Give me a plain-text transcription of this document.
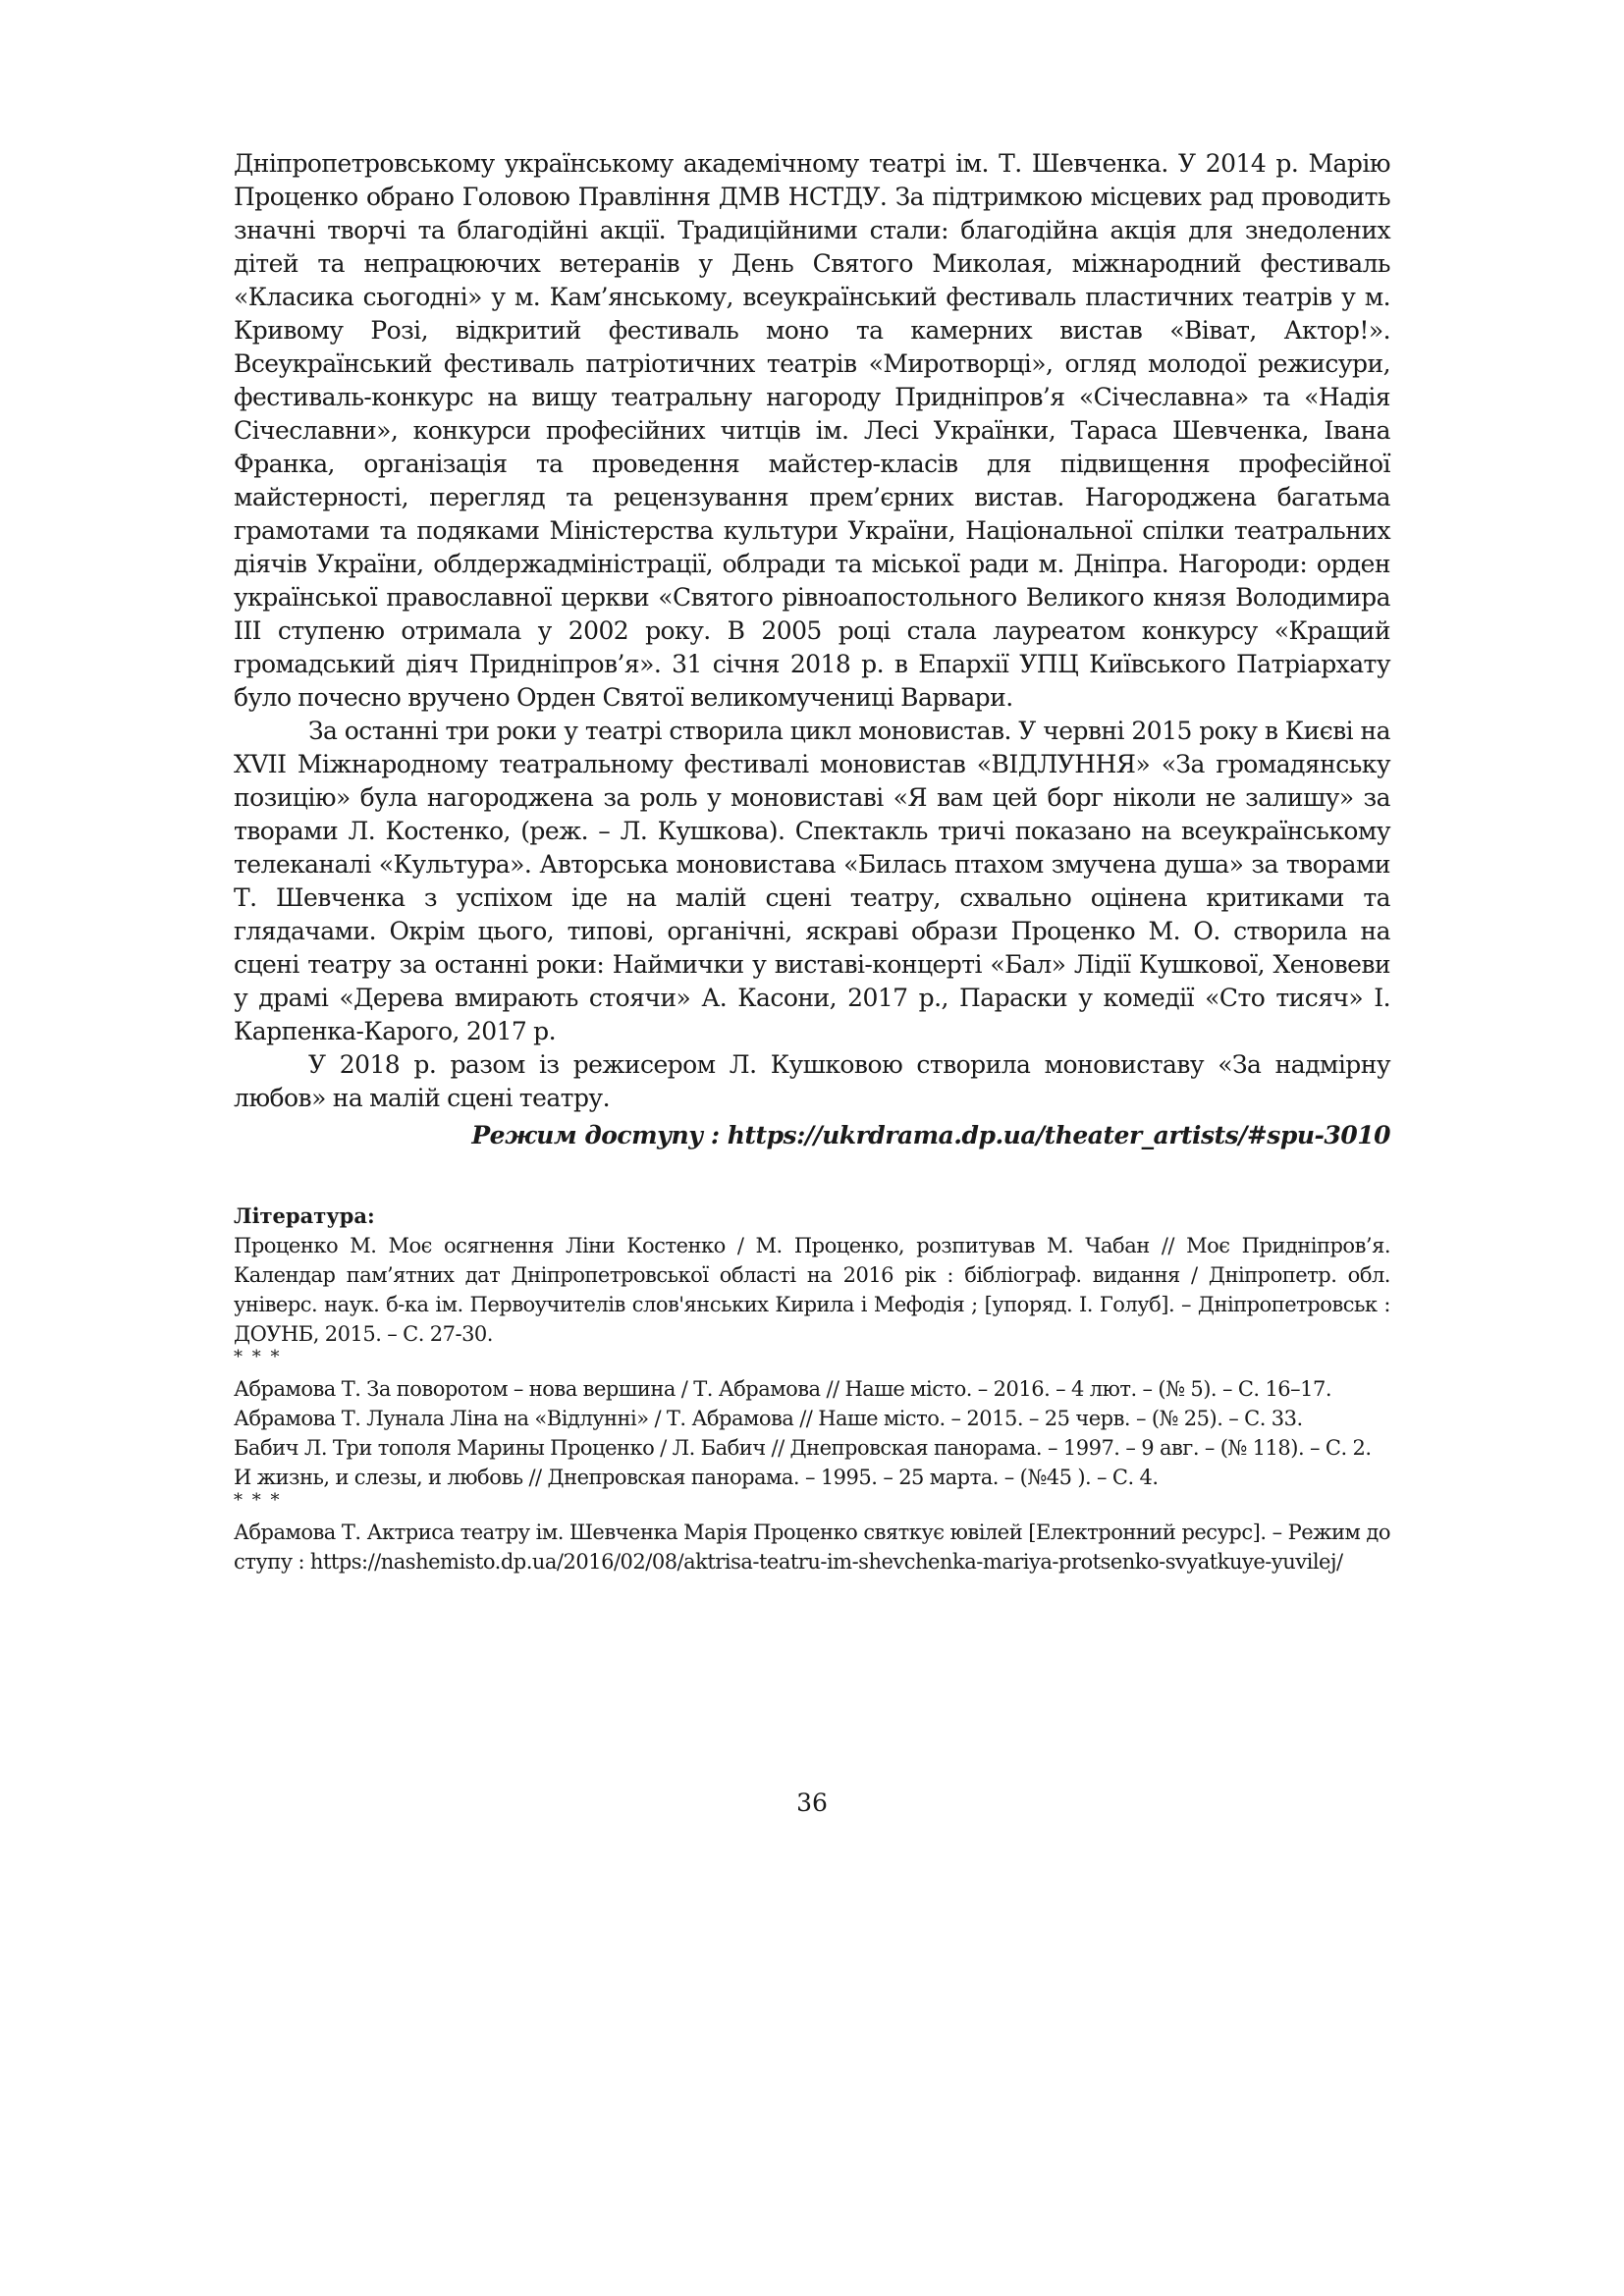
Дніпропетровському українському академічному театрі ім. Т. Шевченка. У 2014 р. Марію Проценко обрано Головою Правління ДМВ НСТДУ. За підтримкою місцевих рад проводить значні творчі та благодійні акції. Традиційними стали: благодійна акція для знедолених дітей та непрацюючих ветеранів у День Святого Миколая, міжнародний фестиваль «Класика сьогодні» у м. Кам’янському, всеукраїнський фестиваль пластичних театрів у м. Кривому Розі, відкритий фестиваль моно та камерних вистав «Віват, Актор!». Всеукраїнський фестиваль патріотичних театрів «Миротворці», огляд молодої режисури, фестиваль-конкурс на вищу театральну нагороду Придніпров’я «Січеславна» та «Надія Січеславни», конкурси професійних читців ім. Лесі Українки, Тараса Шевченка, Івана Франка, організація та проведення майстер-класів для підвищення професійної майстерності, перегляд та рецензування прем’єрних вистав. Нагороджена багатьма грамотами та подяками Міністерства культури України, Національної спілки театральних діячів України, облдержадміністрації, облради та міської ради м. Дніпра. Нагороди: орден української православної церкви «Святого рівноапостольного Великого князя Володимира ІІІ ступеню отримала у 2002 року. В 2005 році стала лауреатом конкурсу «Кращий громадський діяч Придніпров’я». 31 січня 2018 р. в Епархії УПЦ Київського Патріархату було почесно вручено Орден Святої великомучениці Варвари.

За останні три роки у театрі створила цикл моновистав. У червні 2015 року в Києві на XVII Міжнародному театральному фестивалі моновистав «ВІДЛУННЯ» «За громадянську позицію» була нагороджена за роль у моновиставі «Я вам цей борг ніколи не залишу» за творами Л. Костенко, (реж. – Л. Кушкова). Спектакль тричі показано на всеукраїнському телеканалі «Культура». Авторська моновистава «Билась птахом змучена душа» за творами Т. Шевченка з успіхом іде на малій сцені театру, схвально оцінена критиками та глядачами. Окрім цього, типові, органічні, яскраві образи Проценко М. О. створила на сцені театру за останні роки: Наймички у виставі-концерті «Бал» Лідії Кушкової, Хеновеви у драмі «Дерева вмирають стоячи» А. Касони, 2017 р., Параски у комедії «Сто тисяч» І. Карпенка-Карого, 2017 р.

У 2018 р. разом із режисером Л. Кушковою створила моновиставу «За надмірну любов» на малій сцені театру.

Режим доступу : https://ukrdrama.dp.ua/theater_artists/#spu-3010

Література:

Проценко М. Моє осягнення Ліни Костенко / М. Проценко, розпитував М. Чабан // Моє Придніпров’я. Календар пам’ятних дат Дніпропетровської області на 2016 рік : бібліограф. видання / Дніпропетр. обл. універс. наук. б-ка ім. Первоучителів слов'янських Кирила і Мефодія ; [упоряд. І. Голуб]. – Дніпропетровськ : ДОУНБ, 2015. – С. 27-30.

* * *

Абрамова Т. За поворотом – нова вершина / Т. Абрамова // Наше місто. – 2016. – 4 лют. – (№ 5). – С. 16–17.

Абрамова Т. Лунала Ліна на «Відлунні» / Т. Абрамова // Наше місто. – 2015. – 25 черв. – (№ 25). – С. 33.

Бабич Л. Три тополя Марины Проценко / Л. Бабич // Днепровская панорама. – 1997. – 9 авг. – (№ 118). – С. 2.

И жизнь, и слезы, и любовь // Днепровская панорама. – 1995. – 25 марта. – (№45 ). – С. 4.

* * *

Абрамова Т. Актриса театру ім. Шевченка Марія Проценко святкує ювілей [Електронний ресурс]. – Режим доступу : https://nashemisto.dp.ua/2016/02/08/aktrisa-teatru-im-shevchenka-mariya-protsenko-svyatkuye-yuvilej/

36
